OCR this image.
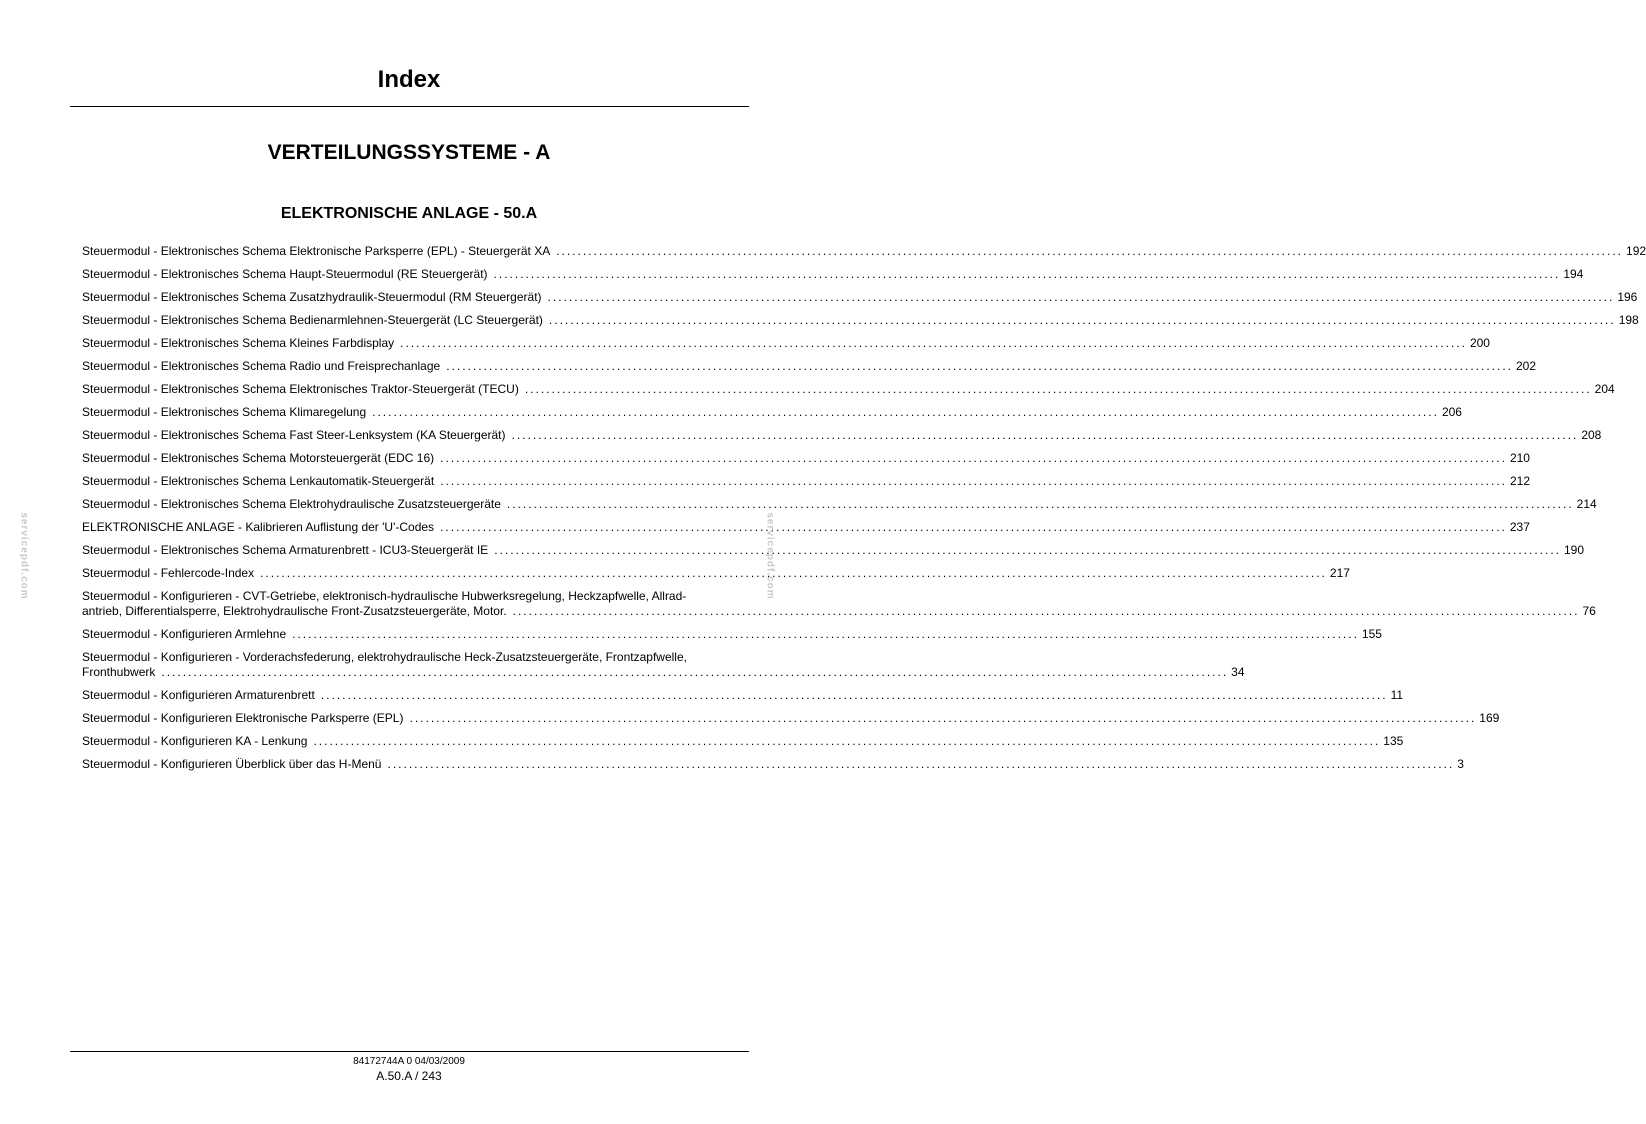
Index
VERTEILUNGSSYSTEME - A
ELEKTRONISCHE ANLAGE - 50.A
Steuermodul - Elektronisches Schema Elektronische Parksperre (EPL) - Steuergerät XA ........................................................................................................................................................................................................ 192
Steuermodul - Elektronisches Schema Haupt-Steuermodul (RE Steuergerät) ........................................................................................................................................................................................................ 194
Steuermodul - Elektronisches Schema Zusatzhydraulik-Steuermodul (RM Steuergerät) ........................................................................................................................................................................................................ 196
Steuermodul - Elektronisches Schema Bedienarmlehnen-Steuergerät (LC Steuergerät) ........................................................................................................................................................................................................ 198
Steuermodul - Elektronisches Schema Kleines Farbdisplay ........................................................................................................................................................................................................ 200
Steuermodul - Elektronisches Schema Radio und Freisprechanlage ........................................................................................................................................................................................................ 202
Steuermodul - Elektronisches Schema Elektronisches Traktor-Steuergerät (TECU) ........................................................................................................................................................................................................ 204
Steuermodul - Elektronisches Schema Klimaregelung ........................................................................................................................................................................................................ 206
Steuermodul - Elektronisches Schema Fast Steer-Lenksystem (KA Steuergerät) ........................................................................................................................................................................................................ 208
Steuermodul - Elektronisches Schema Motorsteuergerät (EDC 16) ........................................................................................................................................................................................................ 210
Steuermodul - Elektronisches Schema Lenkautomatik-Steuergerät ........................................................................................................................................................................................................ 212
Steuermodul - Elektronisches Schema Elektrohydraulische Zusatzsteuergeräte ........................................................................................................................................................................................................ 214
ELEKTRONISCHE ANLAGE - Kalibrieren Auflistung der 'U'-Codes ........................................................................................................................................................................................................ 237
Steuermodul - Elektronisches Schema Armaturenbrett - ICU3-Steuergerät IE ........................................................................................................................................................................................................ 190
Steuermodul - Fehlercode-Index ........................................................................................................................................................................................................ 217
Steuermodul - Konfigurieren - CVT-Getriebe, elektronisch-hydraulische Hubwerksregelung, Heckzapfwelle, Allrad-
antrieb, Differentialsperre, Elektrohydraulische Front-Zusatzsteuergeräte, Motor. ........................................................................................................................................................................................................ 76
Steuermodul - Konfigurieren Armlehne ........................................................................................................................................................................................................ 155
Steuermodul - Konfigurieren - Vorderachsfederung, elektrohydraulische Heck-Zusatzsteuergeräte, Frontzapfwelle,
Fronthubwerk ........................................................................................................................................................................................................ 34
Steuermodul - Konfigurieren Armaturenbrett ........................................................................................................................................................................................................ 11
Steuermodul - Konfigurieren Elektronische Parksperre (EPL) ........................................................................................................................................................................................................ 169
Steuermodul - Konfigurieren KA - Lenkung ........................................................................................................................................................................................................ 135
Steuermodul - Konfigurieren Überblick über das H-Menü ........................................................................................................................................................................................................ 3
servicepdf.com	servicepdf.com
84172744A 0 04/03/2009
A.50.A / 243
